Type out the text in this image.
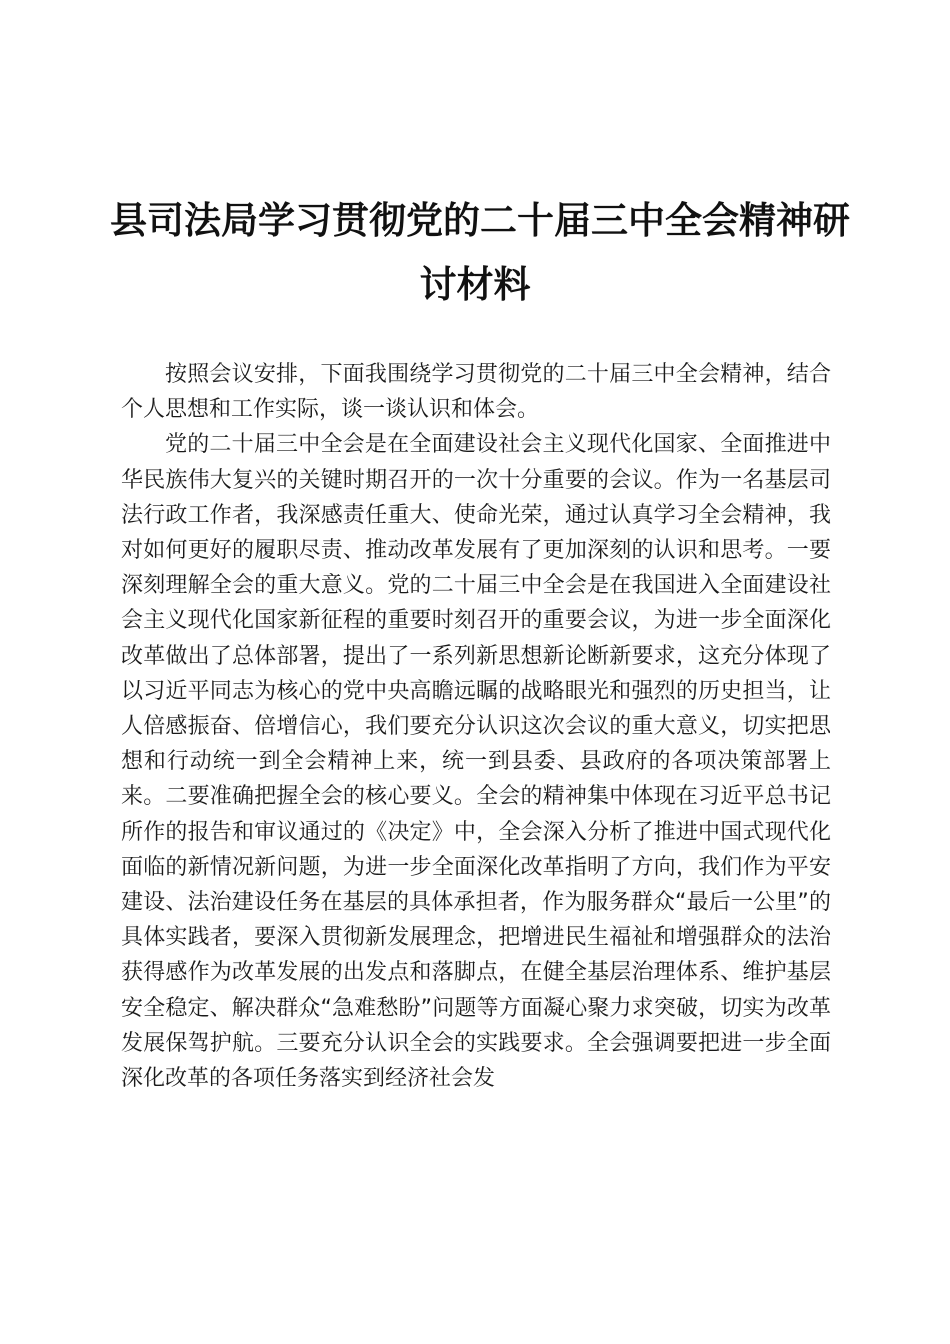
县司法局学习贯彻党的二十届三中全会精神研
讨材料

按照会议安排，下面我围绕学习贯彻党的二十届三中全会精神，结合个人思想和工作实际，谈一谈认识和体会。

党的二十届三中全会是在全面建设社会主义现代化国家、全面推进中华民族伟大复兴的关键时期召开的一次十分重要的会议。作为一名基层司法行政工作者，我深感责任重大、使命光荣，通过认真学习全会精神，我对如何更好的履职尽责、推动改革发展有了更加深刻的认识和思考。一要深刻理解全会的重大意义。党的二十届三中全会是在我国进入全面建设社会主义现代化国家新征程的重要时刻召开的重要会议，为进一步全面深化改革做出了总体部署，提出了一系列新思想新论断新要求，这充分体现了以习近平同志为核心的党中央高瞻远瞩的战略眼光和强烈的历史担当，让人倍感振奋、倍增信心，我们要充分认识这次会议的重大意义，切实把思想和行动统一到全会精神上来，统一到县委、县政府的各项决策部署上来。二要准确把握全会的核心要义。全会的精神集中体现在习近平总书记所作的报告和审议通过的《决定》中，全会深入分析了推进中国式现代化面临的新情况新问题，为进一步全面深化改革指明了方向，我们作为平安建设、法治建设任务在基层的具体承担者，作为服务群众“最后一公里”的具体实践者，要深入贯彻新发展理念，把增进民生福祉和增强群众的法治获得感作为改革发展的出发点和落脚点，在健全基层治理体系、维护基层安全稳定、解决群众“急难愁盼”问题等方面凝心聚力求突破，切实为改革发展保驾护航。三要充分认识全会的实践要求。全会强调要把进一步全面深化改革的各项任务落实到经济社会发
